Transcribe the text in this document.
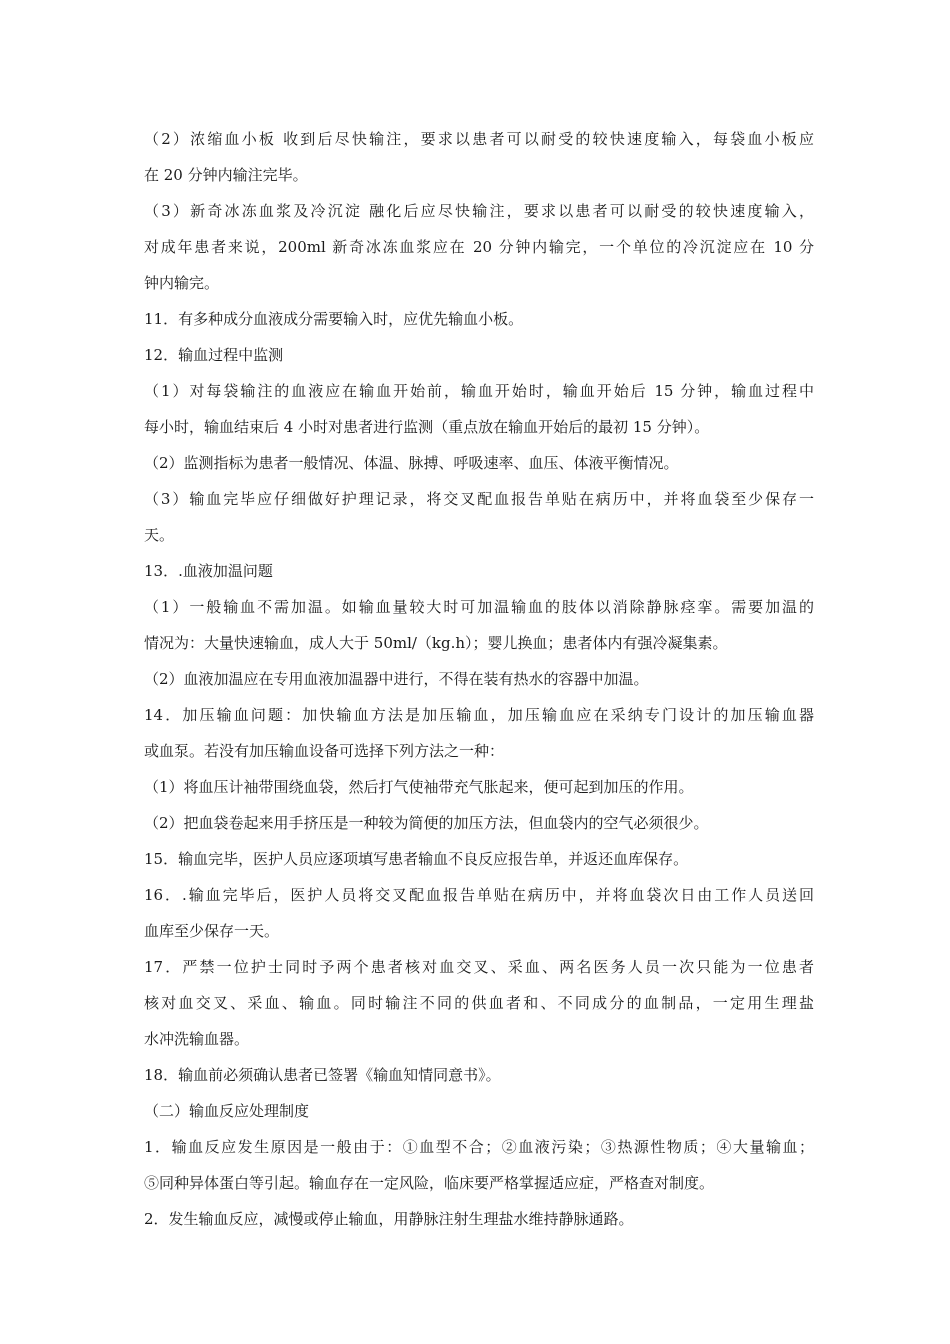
（2）浓缩血小板 收到后尽快输注，要求以患者可以耐受的较快速度输入，每袋血小板应
在 20 分钟内输注完毕。
（3）新奇冰冻血浆及冷沉淀 融化后应尽快输注，要求以患者可以耐受的较快速度输入，
对成年患者来说，200ml 新奇冰冻血浆应在 20 分钟内输完，一个单位的冷沉淀应在 10 分
钟内输完。
11．有多种成分血液成分需要输入时，应优先输血小板。
12．输血过程中监测
（1）对每袋输注的血液应在输血开始前，输血开始时，输血开始后 15 分钟，输血过程中
每小时，输血结束后 4 小时对患者进行监测（重点放在输血开始后的最初 15 分钟）。
（2）监测指标为患者一般情况、体温、脉搏、呼吸速率、血压、体液平衡情况。
（3）输血完毕应仔细做好护理记录，将交叉配血报告单贴在病历中，并将血袋至少保存一
天。
13．.血液加温问题
（1）一般输血不需加温。如输血量较大时可加温输血的肢体以消除静脉痉挛。需要加温的
情况为：大量快速输血，成人大于 50ml/（kg.h）；婴儿换血；患者体内有强冷凝集素。
（2）血液加温应在专用血液加温器中进行，不得在装有热水的容器中加温。
14．加压输血问题：加快输血方法是加压输血，加压输血应在采纳专门设计的加压输血器
或血泵。若没有加压输血设备可选择下列方法之一种：
（1）将血压计袖带围绕血袋，然后打气使袖带充气胀起来，便可起到加压的作用。
（2）把血袋卷起来用手挤压是一种较为简便的加压方法，但血袋内的空气必须很少。
15．输血完毕，医护人员应逐项填写患者输血不良反应报告单，并返还血库保存。
16．.输血完毕后，医护人员将交叉配血报告单贴在病历中，并将血袋次日由工作人员送回
血库至少保存一天。
17．严禁一位护士同时予两个患者核对血交叉、采血、两名医务人员一次只能为一位患者
核对血交叉、采血、输血。同时输注不同的供血者和、不同成分的血制品，一定用生理盐
水冲洗输血器。
18．输血前必须确认患者已签署《输血知情同意书》。
（二）输血反应处理制度
1．输血反应发生原因是一般由于：①血型不合；②血液污染；③热源性物质；④大量输血；
⑤同种异体蛋白等引起。输血存在一定风险，临床要严格掌握适应症，严格查对制度。
2．发生输血反应，减慢或停止输血，用静脉注射生理盐水维持静脉通路。
